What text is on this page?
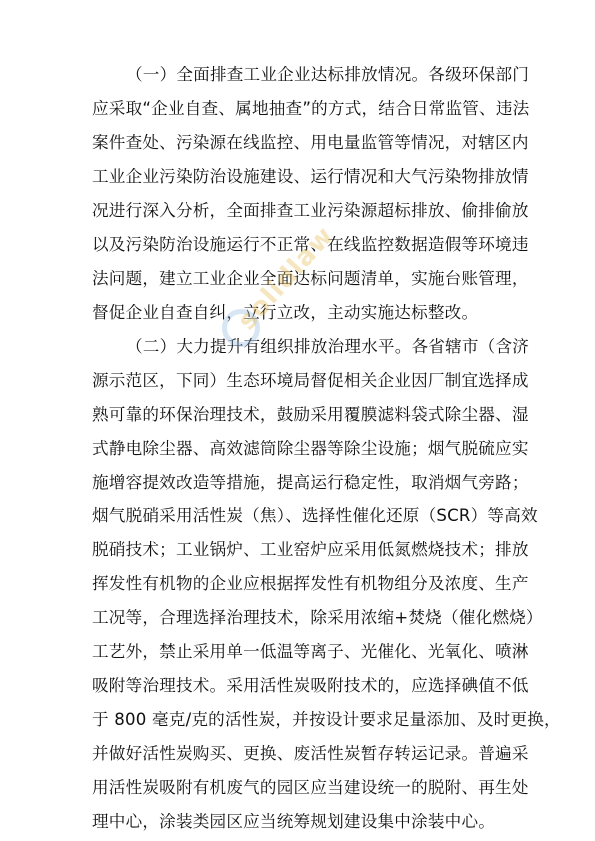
（一）全面排查工业企业达标排放情况。各级环保部门
应采取“企业自查、属地抽查”的方式，结合日常监管、违法
案件查处、污染源在线监控、用电量监管等情况，对辖区内
工业企业污染防治设施建设、运行情况和大气污染物排放情
况进行深入分析，全面排查工业污染源超标排放、偷排偷放
以及污染防治设施运行不正常、在线监控数据造假等环境违
法问题，建立工业企业全面达标问题清单，实施台账管理，
督促企业自查自纠，立行立改，主动实施达标整改。
（二）大力提升有组织排放治理水平。各省辖市（含济
源示范区，下同）生态环境局督促相关企业因厂制宜选择成
熟可靠的环保治理技术，鼓励采用覆膜滤料袋式除尘器、湿
式静电除尘器、高效滤筒除尘器等除尘设施；烟气脱硫应实
施增容提效改造等措施，提高运行稳定性，取消烟气旁路；
烟气脱硝采用活性炭（焦）、选择性催化还原（SCR）等高效
脱硝技术；工业锅炉、工业窑炉应采用低氮燃烧技术；排放
挥发性有机物的企业应根据挥发性有机物组分及浓度、生产
工况等，合理选择治理技术，除采用浓缩+焚烧（催化燃烧）
工艺外，禁止采用单一低温等离子、光催化、光氧化、喷淋
吸附等治理技术。采用活性炭吸附技术的，应选择碘值不低
于 800 毫克/克的活性炭，并按设计要求足量添加、及时更换，
并做好活性炭购买、更换、废活性炭暂存转运记录。普遍采
用活性炭吸附有机废气的园区应当建设统一的脱附、再生处
理中心，涂装类园区应当统筹规划建设集中涂装中心。
solidlaw
